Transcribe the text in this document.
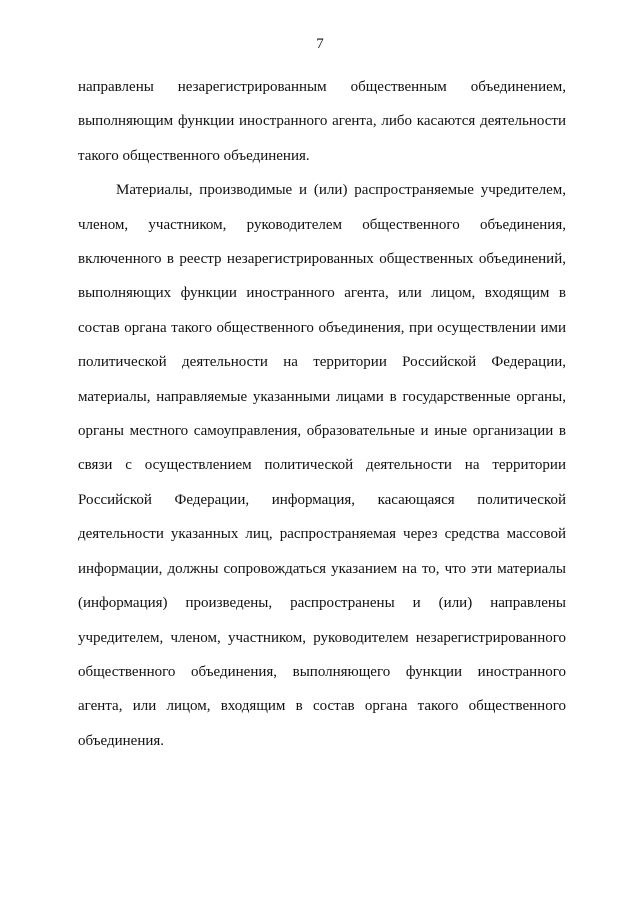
7

направлены незарегистрированным общественным объединением,
выполняющим функции иностранного агента, либо касаются деятельности
такого общественного объединения.

Материалы, производимые и (или) распространяемые учредителем,
членом, участником, руководителем общественного объединения,
включенного в реестр незарегистрированных общественных объединений,
выполняющих функции иностранного агента, или лицом, входящим в
состав органа такого общественного объединения, при осуществлении ими
политической деятельности на территории Российской Федерации,
материалы, направляемые указанными лицами в государственные органы,
органы местного самоуправления, образовательные и иные организации в
связи с осуществлением политической деятельности на территории
Российской Федерации, информация, касающаяся политической
деятельности указанных лиц, распространяемая через средства массовой
информации, должны сопровождаться указанием на то, что эти материалы
(информация) произведены, распространены и (или) направлены
учредителем, членом, участником, руководителем незарегистрированного
общественного объединения, выполняющего функции иностранного
агента, или лицом, входящим в состав органа такого общественного
объединения.
